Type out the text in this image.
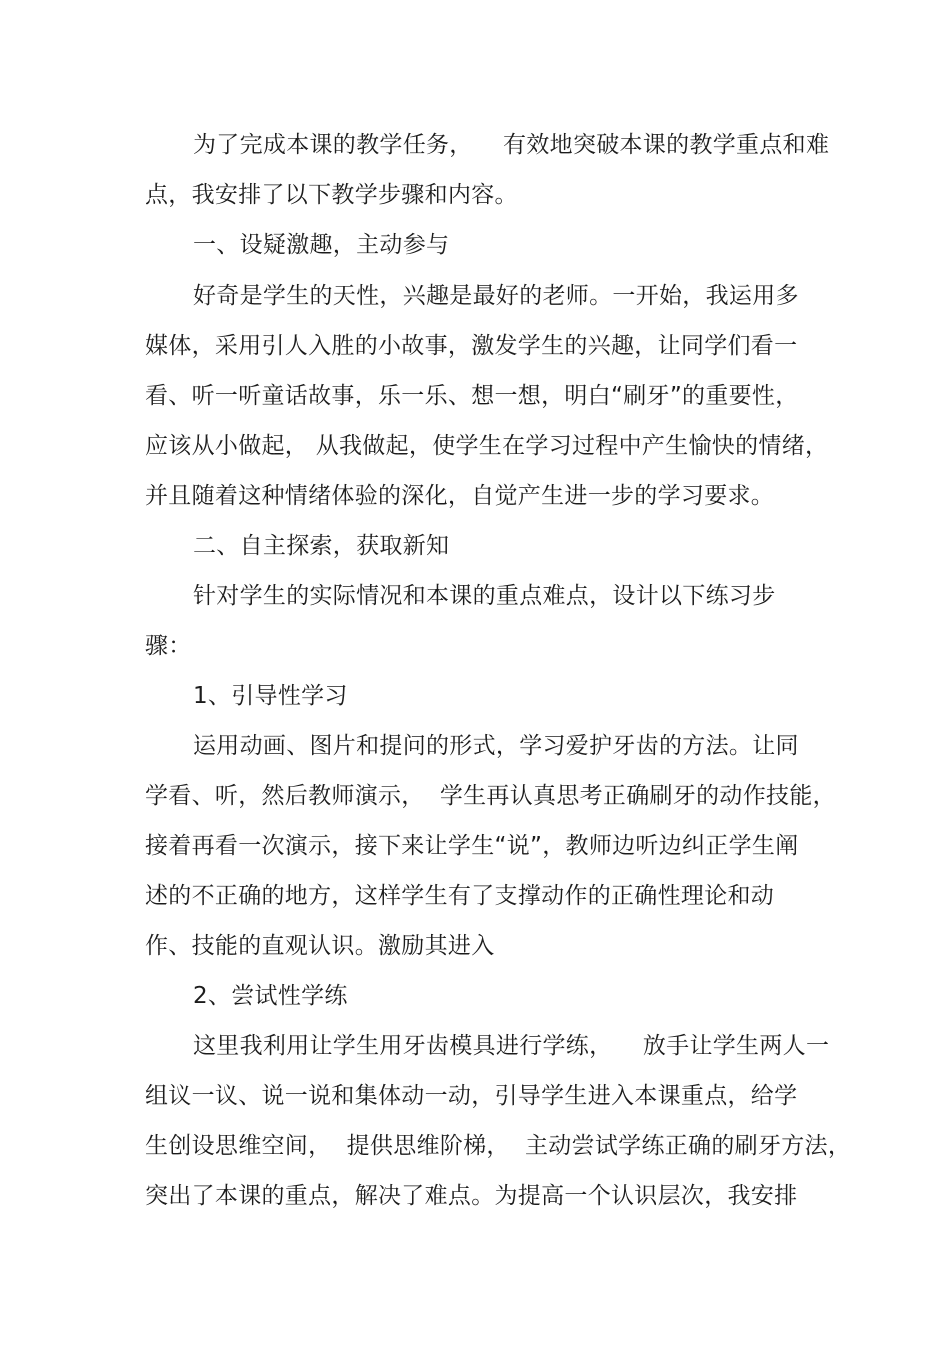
为了完成本课的教学任务，    有效地突破本课的教学重点和难
点，我安排了以下教学步骤和内容。
一、设疑激趣，主动参与
好奇是学生的天性，兴趣是最好的老师。一开始，我运用多
媒体，采用引人入胜的小故事，激发学生的兴趣，让同学们看一
看、听一听童话故事，乐一乐、想一想，明白“刷牙”的重要性，
应该从小做起， 从我做起，使学生在学习过程中产生愉快的情绪，
并且随着这种情绪体验的深化，自觉产生进一步的学习要求。
二、自主探索，获取新知
针对学生的实际情况和本课的重点难点，设计以下练习步
骤：
1、引导性学习
运用动画、图片和提问的形式，学习爱护牙齿的方法。让同
学看、听，然后教师演示，  学生再认真思考正确刷牙的动作技能，
接着再看一次演示，接下来让学生“说”，教师边听边纠正学生阐
述的不正确的地方，这样学生有了支撑动作的正确性理论和动
作、技能的直观认识。激励其进入
2、尝试性学练
这里我利用让学生用牙齿模具进行学练，    放手让学生两人一
组议一议、说一说和集体动一动，引导学生进入本课重点，给学
生创设思维空间，  提供思维阶梯，  主动尝试学练正确的刷牙方法，
突出了本课的重点，解决了难点。为提高一个认识层次，我安排
